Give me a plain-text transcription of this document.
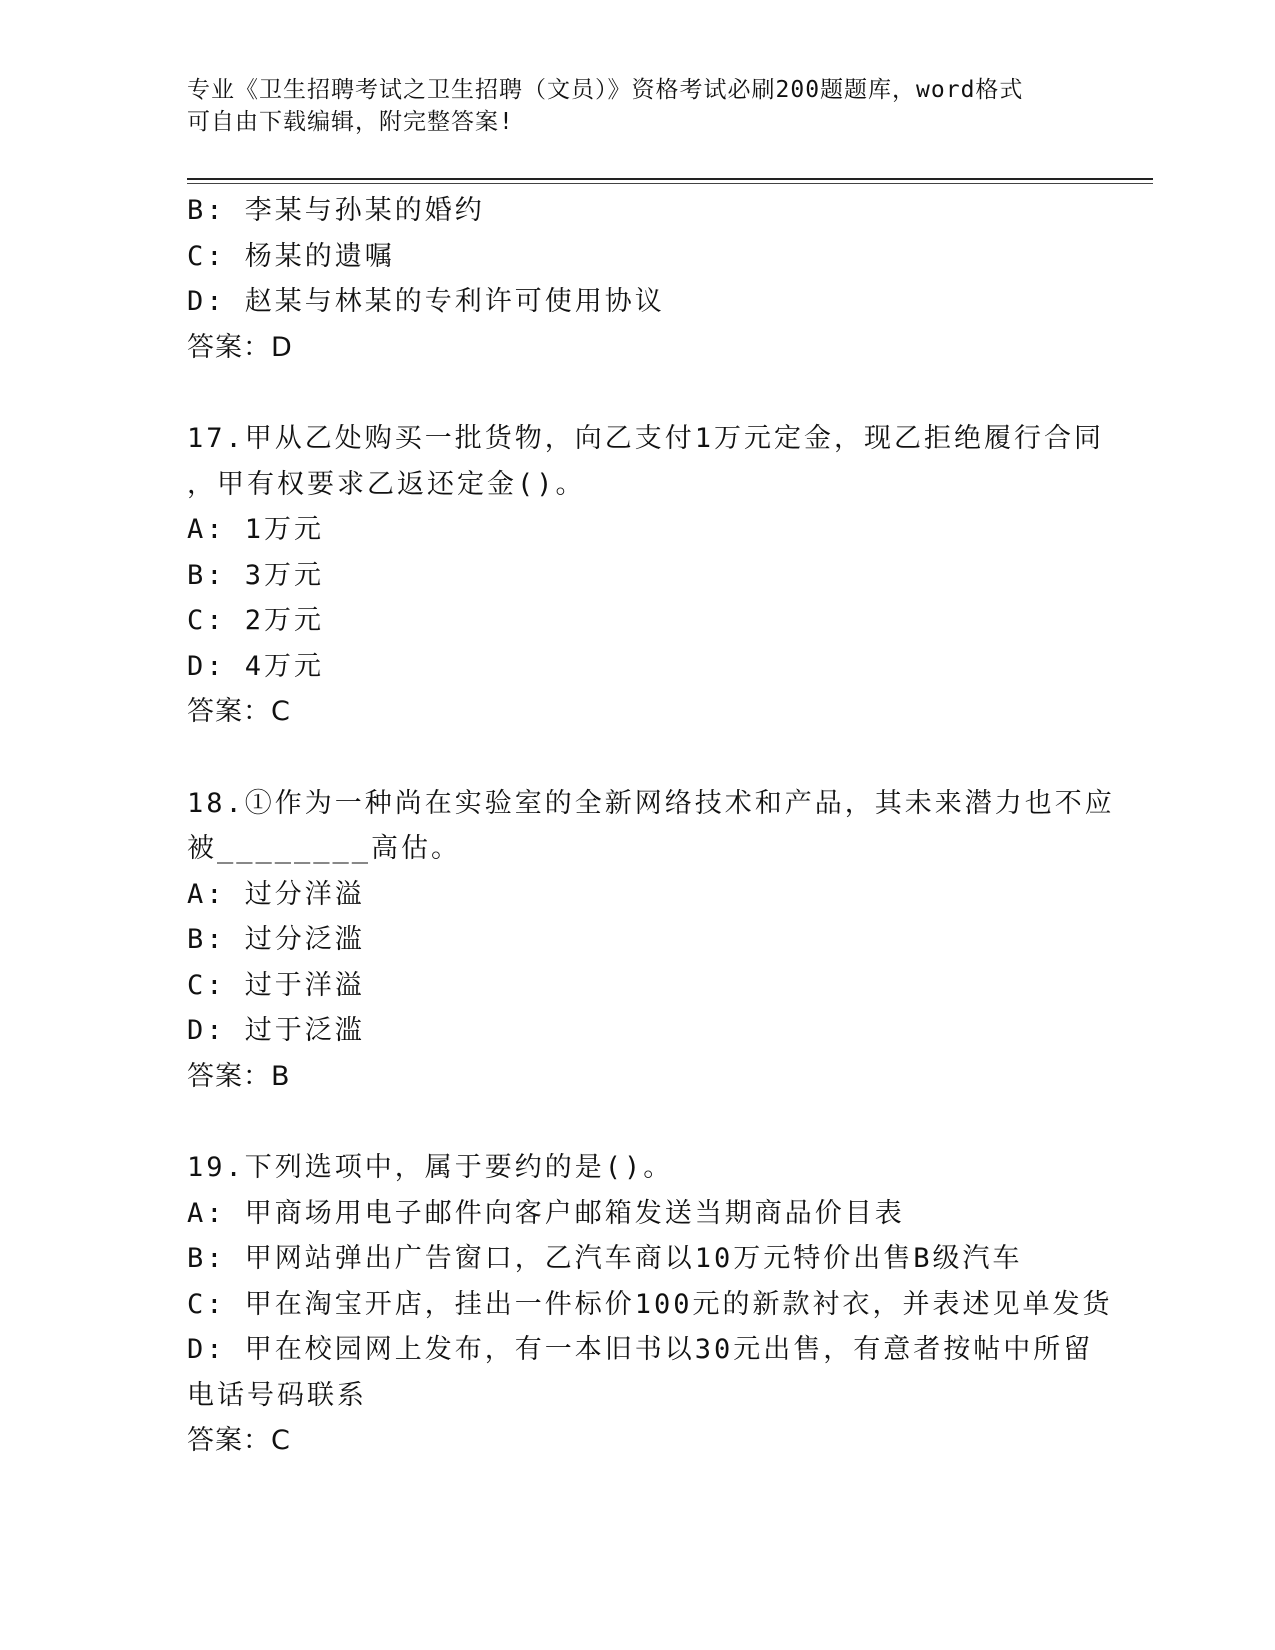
专业《卫生招聘考试之卫生招聘（文员）》资格考试必刷200题题库，word格式
可自由下载编辑，附完整答案!
B: 李某与孙某的婚约
C: 杨某的遗嘱
D: 赵某与林某的专利许可使用协议
答案：D
17.甲从乙处购买一批货物，向乙支付1万元定金，现乙拒绝履行合同
，甲有权要求乙返还定金()。
A: 1万元
B: 3万元
C: 2万元
D: 4万元
答案：C
18.①作为一种尚在实验室的全新网络技术和产品，其未来潜力也不应
被________高估。
A: 过分洋溢
B: 过分泛滥
C: 过于洋溢
D: 过于泛滥
答案：B
19.下列选项中，属于要约的是()。
A: 甲商场用电子邮件向客户邮箱发送当期商品价目表
B: 甲网站弹出广告窗口，乙汽车商以10万元特价出售B级汽车
C: 甲在淘宝开店，挂出一件标价100元的新款衬衣，并表述见单发货
D: 甲在校园网上发布，有一本旧书以30元出售，有意者按帖中所留
电话号码联系
答案：C
